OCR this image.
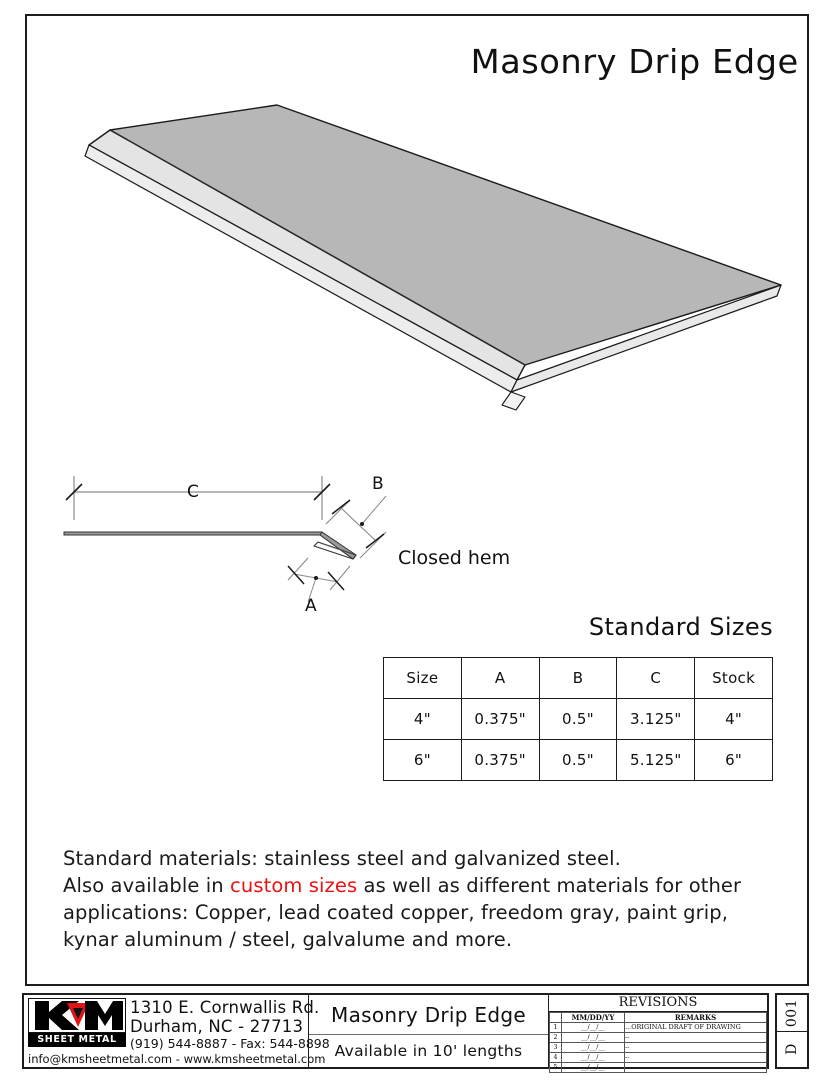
Masonry Drip Edge
C	B
A
Closed hem
Standard Sizes
Size	A	B	C	Stock
4"	0.375"	0.5"	3.125"	4"
6"	0.375"	0.5"	5.125"	6"
Standard materials: stainless steel and galvanized steel.
Also available in custom sizes as well as different materials for other applications: Copper, lead coated copper, freedom gray, paint grip, kynar aluminum / steel, galvalume and more.
SHEET METAL
1310 E. Cornwallis Rd.
Durham, NC - 27713
(919) 544-8887 - Fax: 544-8898
info@kmsheetmetal.com - www.kmsheetmetal.com
Masonry Drip Edge
Available in 10' lengths
REVISIONS
	MM/DD/YY	REMARKS
1	__/__/__	...ORIGINAL DRAFT OF DRAWING
2	__/__/__	--
3	__/__/__	--
4	__/__/__	--
5	__/__/__	--
001
D
